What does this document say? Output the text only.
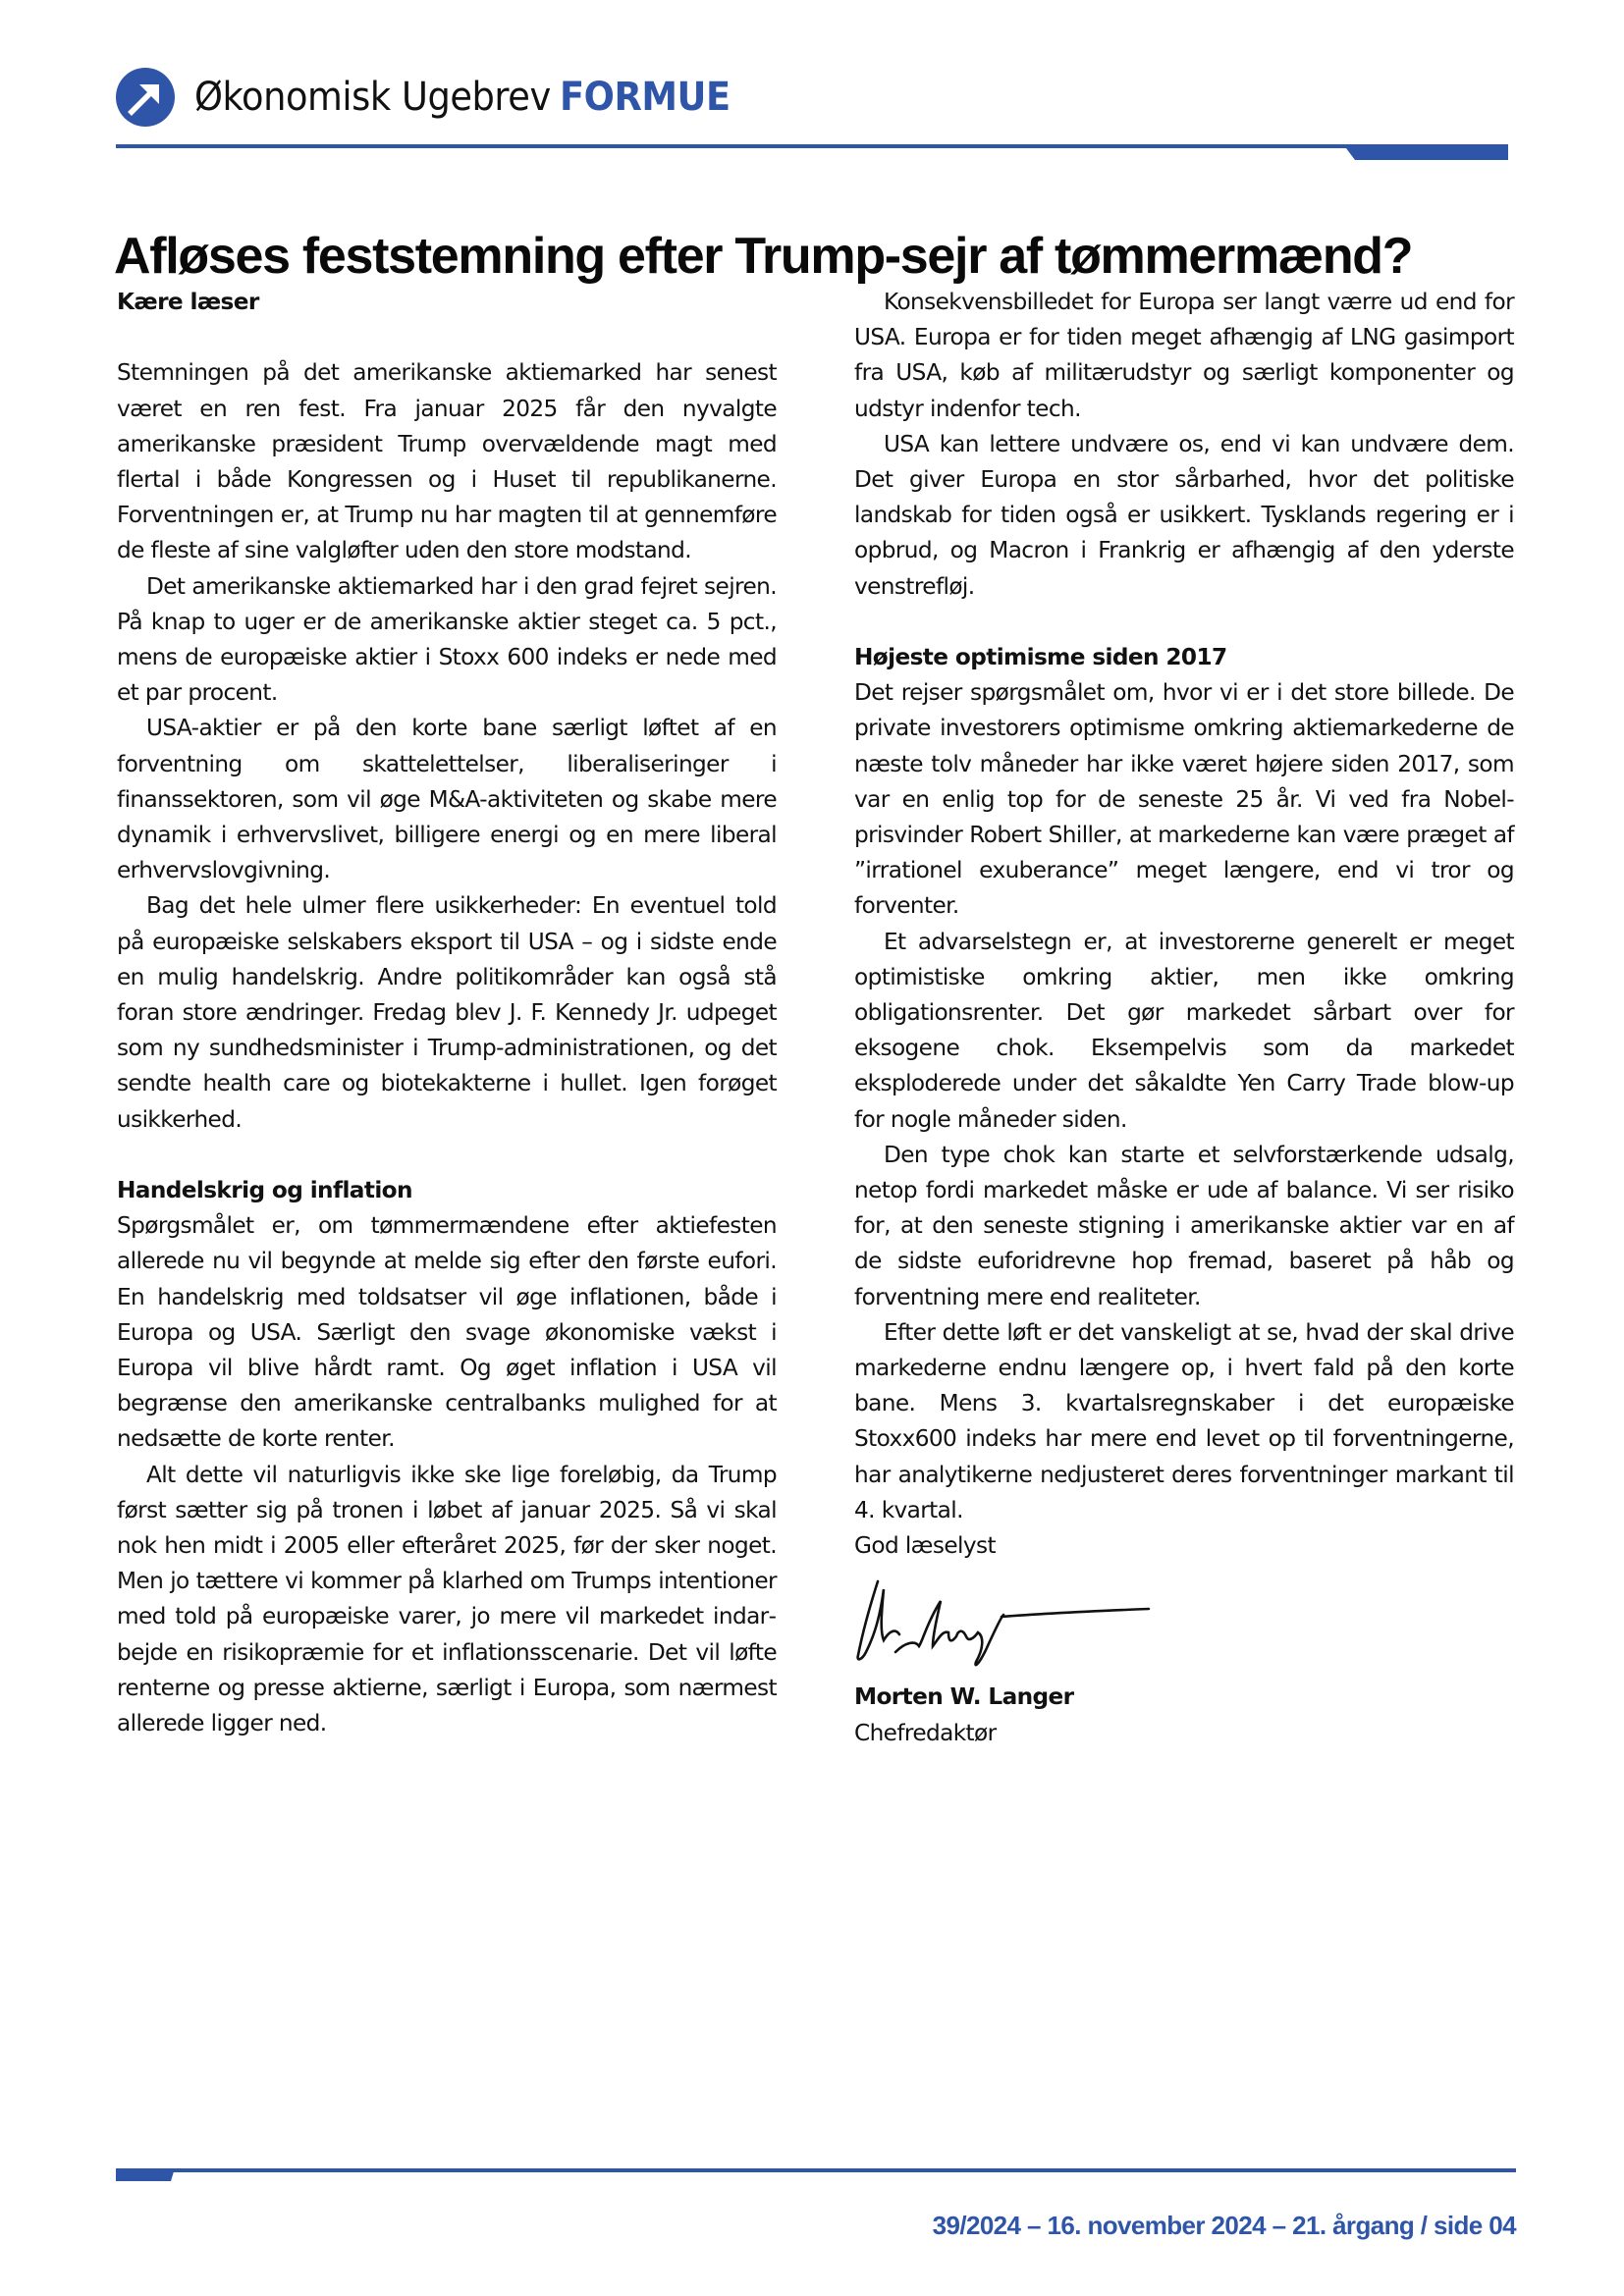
Økonomisk Ugebrev FORMUE
Afløses feststemning efter Trump-sejr af tømmermænd?
Kære læser

Stemningen på det amerikanske aktiemarked har senest været en ren fest. Fra januar 2025 får den nyvalgte amerikanske præsident Trump overvældende magt med flertal i både Kongressen og i Huset til republikanerne. Forventningen er, at Trump nu har magten til at gennemføre de fleste af sine valgløfter uden den store modstand.

Det amerikanske aktiemarked har i den grad fejret sejren. På knap to uger er de amerikanske aktier steget ca. 5 pct., mens de europæiske aktier i Stoxx 600 indeks er nede med et par procent.

USA-aktier er på den korte bane særligt løftet af en forventning om skattelettelser, liberaliseringer i finanssektoren, som vil øge M&A-aktiviteten og skabe mere dynamik i erhvervslivet, billigere energi og en mere liberal erhvervslovgivning.

Bag det hele ulmer flere usikkerheder: En eventuel told på europæiske selskabers eksport til USA – og i sidste ende en mulig handelskrig. Andre politikområder kan også stå foran store ændringer. Fredag blev J. F. Kennedy Jr. udpeget som ny sundhedsminister i Trump-administrationen, og det sendte health care og biotekakterne i hullet. Igen forøget usikkerhed.

Handelskrig og inflation

Spørgsmålet er, om tømmermændene efter aktiefesten allerede nu vil begynde at melde sig efter den første eufori. En handelskrig med toldsatser vil øge inflationen, både i Europa og USA. Særligt den svage økonomiske vækst i Europa vil blive hårdt ramt. Og øget inflation i USA vil begrænse den amerikanske centralbanks mulighed for at nedsætte de korte renter.

Alt dette vil naturligvis ikke ske lige foreløbig, da Trump først sætter sig på tronen i løbet af januar 2025. Så vi skal nok hen midt i 2005 eller efteråret 2025, før der sker noget. Men jo tættere vi kommer på klarhed om Trumps intentioner med told på europæiske varer, jo mere vil markedet indarbejde en risikopræmie for et inflationsscenarie. Det vil løfte renterne og presse aktierne, særligt i Europa, som nærmest allerede ligger ned.

Konsekvensbilledet for Europa ser langt værre ud end for USA. Europa er for tiden meget afhængig af LNG gasimport fra USA, køb af militærudstyr og særligt komponenter og udstyr indenfor tech.

USA kan lettere undvære os, end vi kan undvære dem. Det giver Europa en stor sårbarhed, hvor det politiske landskab for tiden også er usikkert. Tysklands regering er i opbrud, og Macron i Frankrig er afhængig af den yderste venstrefløj.

Højeste optimisme siden 2017

Det rejser spørgsmålet om, hvor vi er i det store billede. De private investorers optimisme omkring aktiemarkederne de næste tolv måneder har ikke været højere siden 2017, som var en enlig top for de seneste 25 år. Vi ved fra Nobel-prisvinder Robert Shiller, at markederne kan være præget af ”irrationel exuberance” meget længere, end vi tror og forventer.

Et advarselstegn er, at investorerne generelt er meget optimistiske omkring aktier, men ikke omkring obligationsrenter. Det gør markedet sårbart over for eksogene chok. Eksempelvis som da markedet eksploderede under det såkaldte Yen Carry Trade blow-up for nogle måneder siden.

Den type chok kan starte et selvforstærkende udsalg, netop fordi markedet måske er ude af balance. Vi ser risiko for, at den seneste stigning i amerikanske aktier var en af de sidste euforidrevne hop fremad, baseret på håb og forventning mere end realiteter.

Efter dette løft er det vanskeligt at se, hvad der skal drive markederne endnu længere op, i hvert fald på den korte bane. Mens 3. kvartalsregnskaber i det europæiske Stoxx600 indeks har mere end levet op til forventningerne, har analytikerne nedjusteret deres forventninger markant til 4. kvartal.

God læselyst

Morten W. Langer

Chefredaktør

39/2024 – 16. november 2024 – 21. årgang / side 04
